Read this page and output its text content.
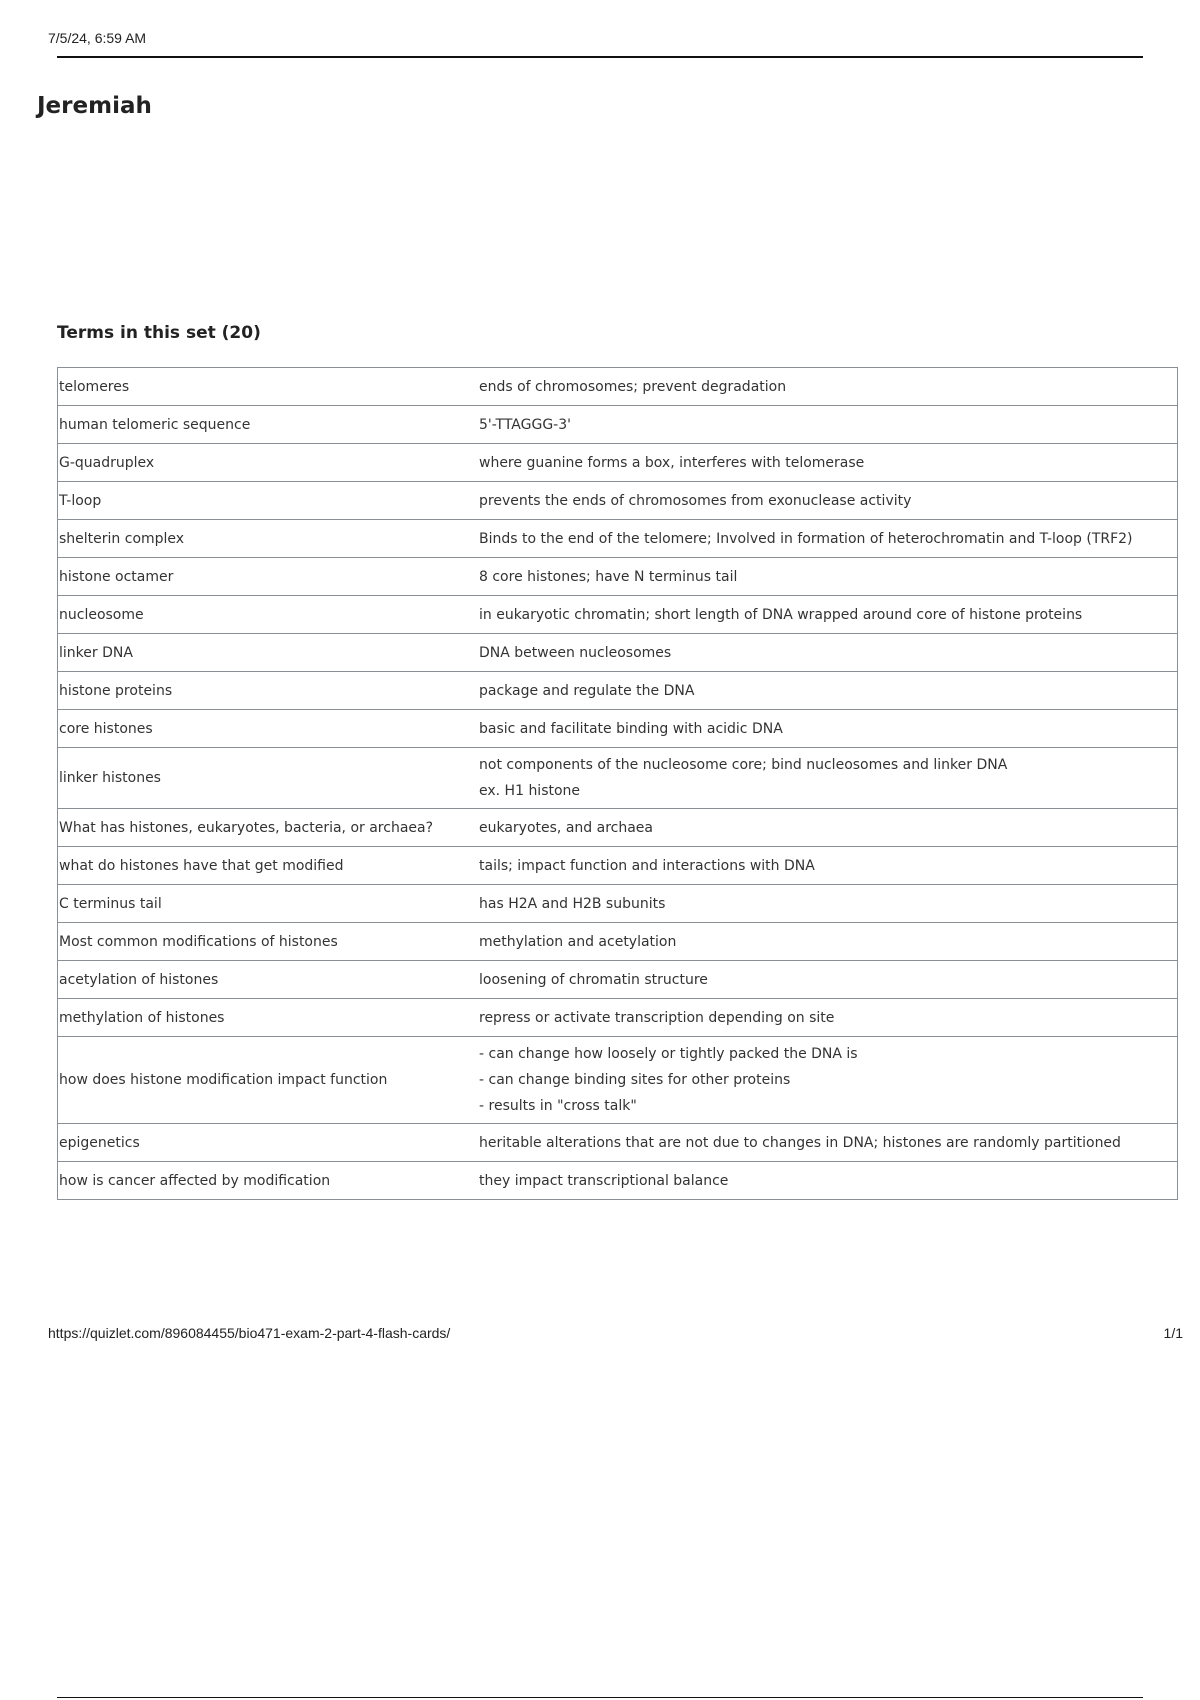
7/5/24, 6:59 AM
Jeremiah
Terms in this set (20)
telomeres	ends of chromosomes; prevent degradation

human telomeric sequence	5'-TTAGGG-3'

G-quadruplex	where guanine forms a box, interferes with telomerase

T-loop	prevents the ends of chromosomes from exonuclease activity

shelterin complex	Binds to the end of the telomere; Involved in formation of heterochromatin and T-loop (TRF2)

histone octamer	8 core histones; have N terminus tail

nucleosome	in eukaryotic chromatin; short length of DNA wrapped around core of histone proteins

linker DNA	DNA between nucleosomes

histone proteins	package and regulate the DNA

core histones	basic and facilitate binding with acidic DNA

linker histones	not components of the nucleosome core; bind nucleosomes and linker DNA
ex. H1 histone

What has histones, eukaryotes, bacteria, or archaea?	eukaryotes, and archaea

what do histones have that get modified	tails; impact function and interactions with DNA

C terminus tail	has H2A and H2B subunits

Most common modifications of histones	methylation and acetylation

acetylation of histones	loosening of chromatin structure

methylation of histones	repress or activate transcription depending on site

how does histone modification impact function	- can change how loosely or tightly packed the DNA is
- can change binding sites for other proteins
- results in "cross talk"

epigenetics	heritable alterations that are not due to changes in DNA; histones are randomly partitioned

how is cancer affected by modification	they impact transcriptional balance
https://quizlet.com/896084455/bio471-exam-2-part-4-flash-cards/	1/1
